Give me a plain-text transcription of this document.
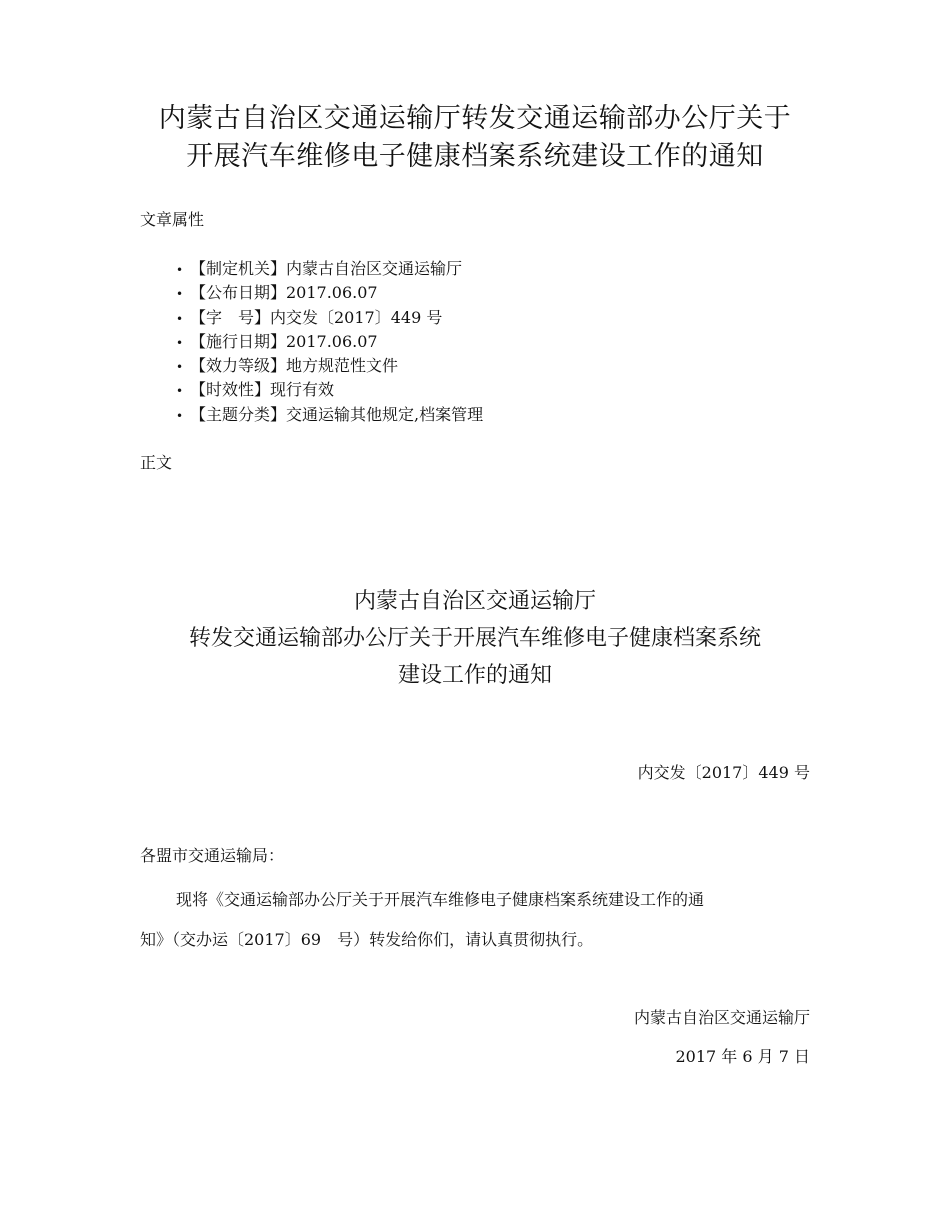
内蒙古自治区交通运输厅转发交通运输部办公厅关于
开展汽车维修电子健康档案系统建设工作的通知

文章属性

• 【制定机关】内蒙古自治区交通运输厅
• 【公布日期】2017.06.07
• 【字　号】内交发〔2017〕449 号
• 【施行日期】2017.06.07
• 【效力等级】地方规范性文件
• 【时效性】现行有效
• 【主题分类】交通运输其他规定,档案管理

正文

内蒙古自治区交通运输厅
转发交通运输部办公厅关于开展汽车维修电子健康档案系统
建设工作的通知
内交发〔2017〕449 号
各盟市交通运输局：
现将《交通运输部办公厅关于开展汽车维修电子健康档案系统建设工作的通
知》（交办运〔2017〕69　号）转发给你们，请认真贯彻执行。
内蒙古自治区交通运输厅
2017 年 6 月 7 日
